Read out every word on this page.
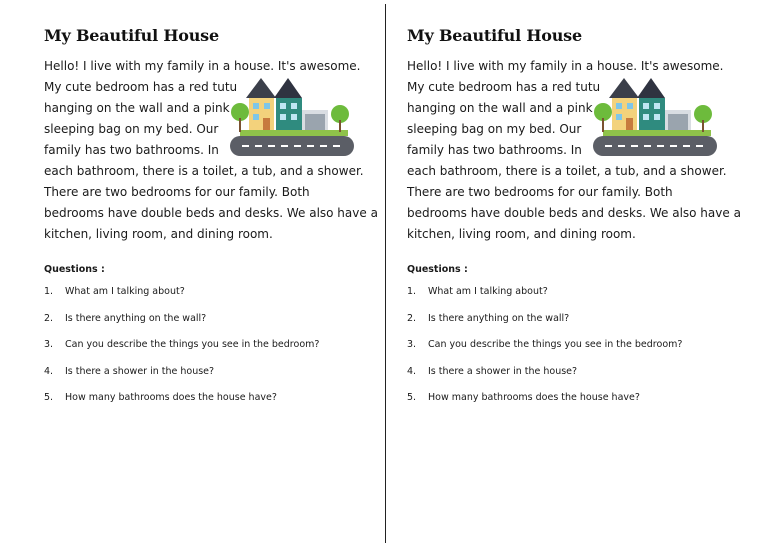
My Beautiful House
Hello! I live with my family in a house. It's awesome.
My cute bedroom has a red tutu
hanging on the wall and a pink
sleeping bag on my bed. Our
family has two bathrooms. In
each bathroom, there is a toilet, a tub, and a shower.
There are two bedrooms for our family. Both
bedrooms have double beds and desks. We also have a
kitchen, living room, and dining room.
Questions :
1. What am I talking about?
2. Is there anything on the wall?
3. Can you describe the things you see in the bedroom?
4. Is there a shower in the house?
5. How many bathrooms does the house have?
My Beautiful House
Hello! I live with my family in a house. It's awesome.
My cute bedroom has a red tutu
hanging on the wall and a pink
sleeping bag on my bed. Our
family has two bathrooms. In
each bathroom, there is a toilet, a tub, and a shower.
There are two bedrooms for our family. Both
bedrooms have double beds and desks. We also have a
kitchen, living room, and dining room.
Questions :
1. What am I talking about?
2. Is there anything on the wall?
3. Can you describe the things you see in the bedroom?
4. Is there a shower in the house?
5. How many bathrooms does the house have?
